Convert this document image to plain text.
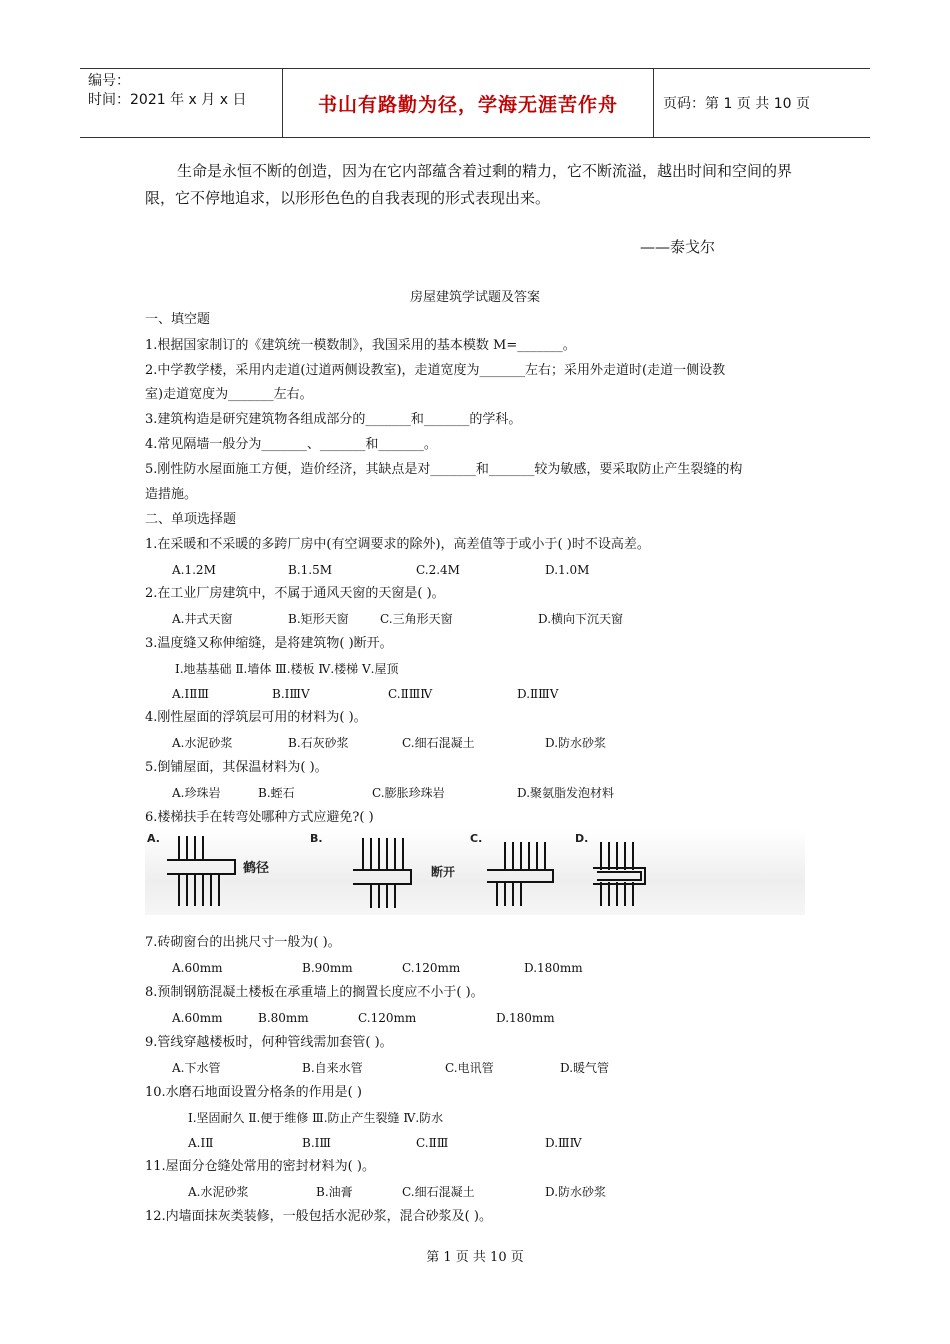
编号：
时间：2021 年 x 月 x 日	书山有路勤为径，学海无涯苦作舟	页码：第 1 页 共 10 页
生命是永恒不断的创造，因为在它内部蕴含着过剩的精力，它不断流溢，越出时间和空间的界限，它不停地追求，以形形色色的自我表现的形式表现出来。
——泰戈尔
房屋建筑学试题及答案
一、填空题
1.根据国家制订的《建筑统一模数制》，我国采用的基本模数 M=_______。
2.中学教学楼，采用内走道(过道两侧设教室)，走道宽度为_______左右；采用外走道时(走道一侧设教
室)走道宽度为_______左右。
3.建筑构造是研究建筑物各组成部分的_______和_______的学科。
4.常见隔墙一般分为_______、_______和_______。
5.刚性防水屋面施工方便，造价经济，其缺点是对_______和_______较为敏感，要采取防止产生裂缝的构
造措施。
二、单项选择题
1.在采暖和不采暖的多跨厂房中(有空调要求的除外)，高差值等于或小于( )时不设高差。
A.1.2M	B.1.5M	C.2.4M	D.1.0M
2.在工业厂房建筑中，不属于通风天窗的天窗是( )。
A.井式天窗	B.矩形天窗	C.三角形天窗	D.横向下沉天窗
3.温度缝又称伸缩缝，是将建筑物( )断开。
Ⅰ.地基基础 Ⅱ.墙体 Ⅲ.楼板 Ⅳ.楼梯 Ⅴ.屋顶
A.ⅠⅡⅢ	B.ⅠⅢⅤ	C.ⅡⅢⅣ	D.ⅡⅢⅤ
4.刚性屋面的浮筑层可用的材料为( )。
A.水泥砂浆	B.石灰砂浆	C.细石混凝土	D.防水砂浆
5.倒铺屋面，其保温材料为( )。
A.珍珠岩	B.蛭石	C.膨胀珍珠岩	D.聚氨脂发泡材料
6.楼梯扶手在转弯处哪种方式应避免?( )
A.	B.	C.	D.
鹤径	断开
7.砖砌窗台的出挑尺寸一般为( )。
A.60mm	B.90mm	C.120mm	D.180mm
8.预制钢筋混凝土楼板在承重墙上的搁置长度应不小于( )。
A.60mm	B.80mm	C.120mm	D.180mm
9.管线穿越楼板时，何种管线需加套管( )。
A.下水管	B.自来水管	C.电讯管	D.暖气管
10.水磨石地面设置分格条的作用是( )
Ⅰ.坚固耐久 Ⅱ.便于维修 Ⅲ.防止产生裂缝 Ⅳ.防水
A.ⅠⅡ	B.ⅠⅢ	C.ⅡⅢ	D.ⅢⅣ
11.屋面分仓缝处常用的密封材料为( )。
A.水泥砂浆	B.油膏	C.细石混凝土	D.防水砂浆
12.内墙面抹灰类装修，一般包括水泥砂浆，混合砂浆及( )。
第 1 页 共 10 页
